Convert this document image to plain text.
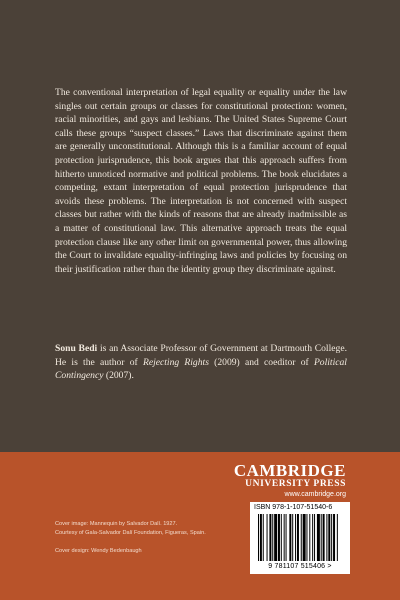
The conventional interpretation of legal equality or equality under the law singles out certain groups or classes for constitutional protection: women, racial minorities, and gays and lesbians. The United States Supreme Court calls these groups “suspect classes.” Laws that discriminate against them are generally unconstitutional. Although this is a familiar account of equal protection jurisprudence, this book argues that this approach suffers from hitherto unnoticed normative and political problems. The book elucidates a competing, extant interpretation of equal protection jurisprudence that avoids these problems. The interpretation is not concerned with suspect classes but rather with the kinds of reasons that are already inadmissible as a matter of constitutional law. This alternative approach treats the equal protection clause like any other limit on governmental power, thus allowing the Court to invalidate equality-infringing laws and policies by focusing on their justification rather than the identity group they discriminate against.

Sonu Bedi is an Associate Professor of Government at Dartmouth College. He is the author of Rejecting Rights (2009) and coeditor of Political Contingency (2007).

CAMBRIDGE
UNIVERSITY PRESS
www.cambridge.org
Cover image: Mannequin by Salvador Dalí. 1927.
Courtesy of Gala-Salvador Dalí Foundation, Figueras, Spain.
Cover design: Wendy Bedenbaugh
ISBN 978-1-107-51540-6
9 781107 515406 >
